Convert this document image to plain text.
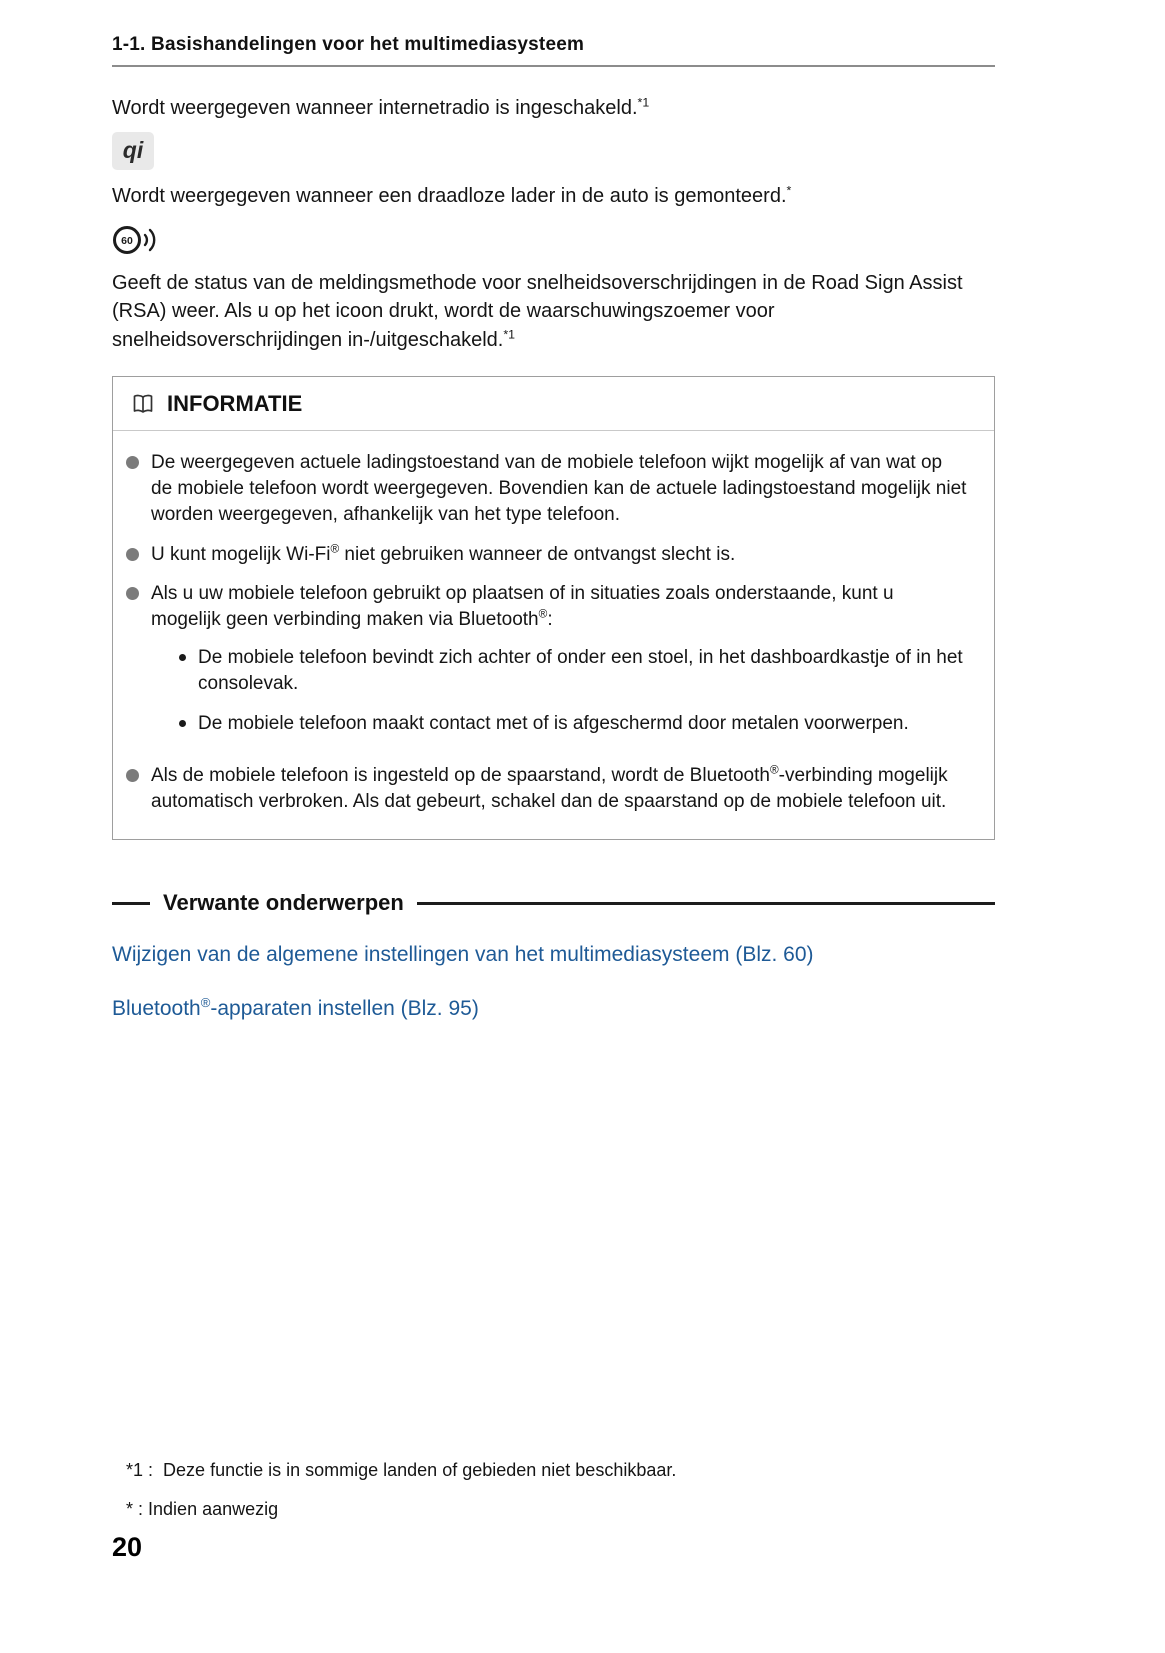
1-1. Basishandelingen voor het multimediasysteem

Wordt weergegeven wanneer internetradio is ingeschakeld.$^{*1}$

qi

Wordt weergegeven wanneer een draadloze lader in de auto is gemonteerd.*

60

Geeft de status van de meldingsmethode voor snelheidsoverschrijdingen in de Road Sign Assist (RSA) weer. Als u op het icoon drukt, wordt de waarschuwingszoemer voor snelheidsoverschrijdingen in-/uitgeschakeld.$^{*1}$

INFORMATIE

De weergegeven actuele ladingstoestand van de mobiele telefoon wijkt mogelijk af van wat op de mobiele telefoon wordt weergegeven. Bovendien kan de actuele ladingstoestand mogelijk niet worden weergegeven, afhankelijk van het type telefoon.

U kunt mogelijk Wi-Fi® niet gebruiken wanneer de ontvangst slecht is.

Als u uw mobiele telefoon gebruikt op plaatsen of in situaties zoals onderstaande, kunt u mogelijk geen verbinding maken via Bluetooth®:

De mobiele telefoon bevindt zich achter of onder een stoel, in het dashboardkastje of in het consolevak.

De mobiele telefoon maakt contact met of is afgeschermd door metalen voorwerpen.

Als de mobiele telefoon is ingesteld op de spaarstand, wordt de Bluetooth®-verbinding mogelijk automatisch verbroken. Als dat gebeurt, schakel dan de spaarstand op de mobiele telefoon uit.

Verwante onderwerpen
Wijzigen van de algemene instellingen van het multimediasysteem (Blz. 60)
Bluetooth®-apparaten instellen (Blz. 95)

*1 : Deze functie is in sommige landen of gebieden niet beschikbaar.

* : Indien aanwezig

20
